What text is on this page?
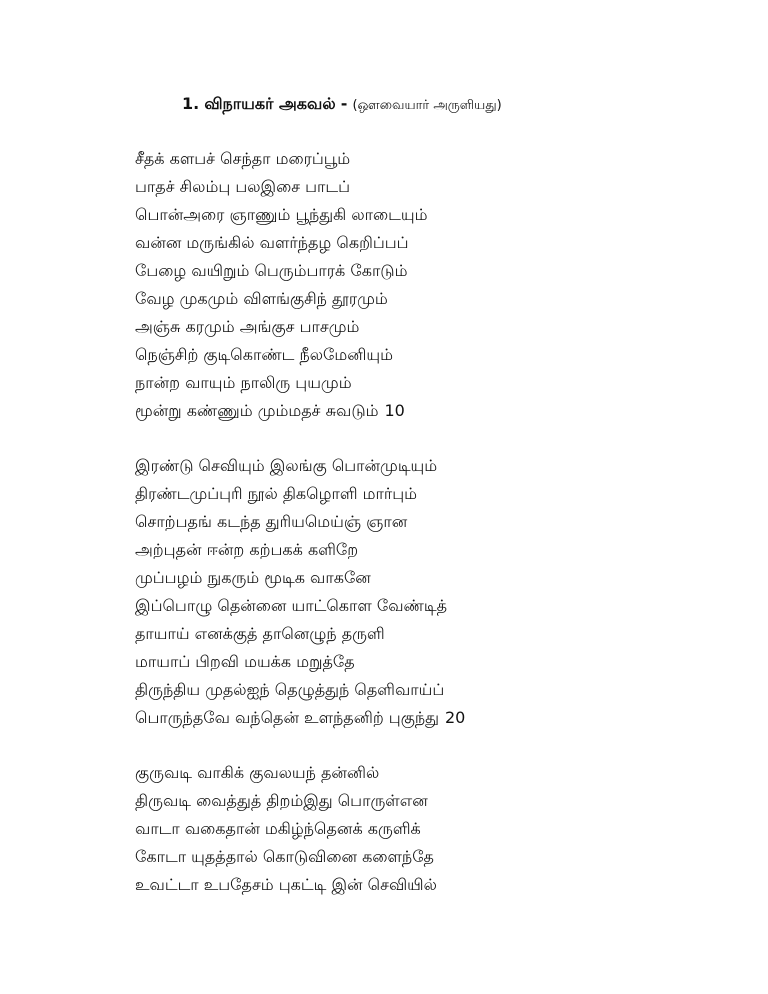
1. விநாயகர் அகவல் - (ஔவையார் அருளியது)
சீதக் களபச் செந்தா மரைப்பூம்
பாதச் சிலம்பு பலஇசை பாடப்
பொன்அரை ஞாணும் பூந்துகி லாடையும்
வன்ன மருங்கில் வளர்ந்தழ கெறிப்பப்
பேழை வயிறும் பெரும்பாரக் கோடும்
வேழ முகமும் விளங்குசிந் தூரமும்
அஞ்சு கரமும் அங்குச பாசமும்
நெஞ்சிற் குடிகொண்ட நீலமேனியும்
நான்ற வாயும் நாலிரு புயமும்
மூன்று கண்ணும் மும்மதச் சுவடும் 10
இரண்டு செவியும் இலங்கு பொன்முடியும்
திரண்டமுப்புரி நூல் திகழொளி மார்பும்
சொற்பதங் கடந்த துரியமெய்ஞ் ஞான
அற்புதன் ஈன்ற கற்பகக் களிறே
முப்பழம் நுகரும் மூடிக வாகனே
இப்பொழு தென்னை யாட்கொள வேண்டித்
தாயாய் எனக்குத் தானெழுந் தருளி
மாயாப் பிறவி மயக்க மறுத்தே
திருந்திய முதல்ஐந் தெழுத்துந் தெளிவாய்ப்
பொருந்தவே வந்தென் உளந்தனிற் புகுந்து 20
குருவடி வாகிக் குவலயந் தன்னில்
திருவடி வைத்துத் திறம்இது பொருள்என
வாடா வகைதான் மகிழ்ந்தெனக் கருளிக்
கோடா யுதத்தால் கொடுவினை களைந்தே
உவட்டா உபதேசம் புகட்டி இன் செவியில்
